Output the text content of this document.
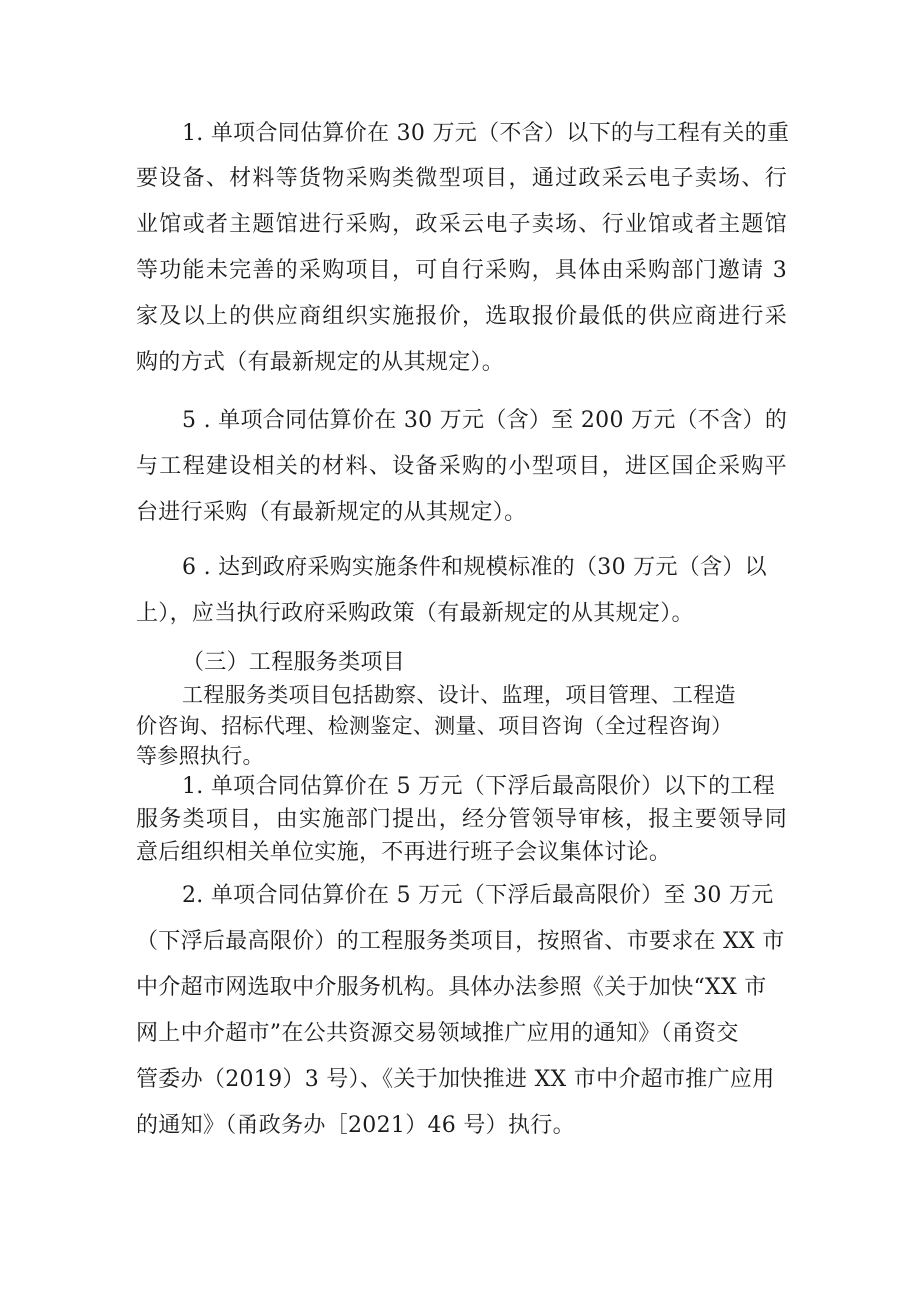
1. 单项合同估算价在 30 万元（不含）以下的与工程有关的重
要设备、材料等货物采购类微型项目，通过政采云电子卖场、行
业馆或者主题馆进行采购，政采云电子卖场、行业馆或者主题馆
等功能未完善的采购项目，可自行采购，具体由采购部门邀请 3
家及以上的供应商组织实施报价，选取报价最低的供应商进行采
购的方式（有最新规定的从其规定）。
5 . 单项合同估算价在 30 万元（含）至 200 万元（不含）的
与工程建设相关的材料、设备采购的小型项目，进区国企采购平
台进行采购（有最新规定的从其规定）。
6 . 达到政府采购实施条件和规模标准的（30 万元（含）以
上），应当执行政府采购政策（有最新规定的从其规定）。
（三）工程服务类项目
工程服务类项目包括勘察、设计、监理，项目管理、工程造
价咨询、招标代理、检测鉴定、测量、项目咨询（全过程咨询）
等参照执行。
1. 单项合同估算价在 5 万元（下浮后最高限价）以下的工程
服务类项目，由实施部门提出，经分管领导审核，报主要领导同
意后组织相关单位实施，不再进行班子会议集体讨论。
2. 单项合同估算价在 5 万元（下浮后最高限价）至 30 万元
（下浮后最高限价）的工程服务类项目，按照省、市要求在 XX 市
中介超市网选取中介服务机构。具体办法参照《关于加快“XX 市
网上中介超市”在公共资源交易领域推广应用的通知》（甬资交
管委办（2019）3 号）、《关于加快推进 XX 市中介超市推广应用
的通知》（甬政务办［2021）46 号）执行。
